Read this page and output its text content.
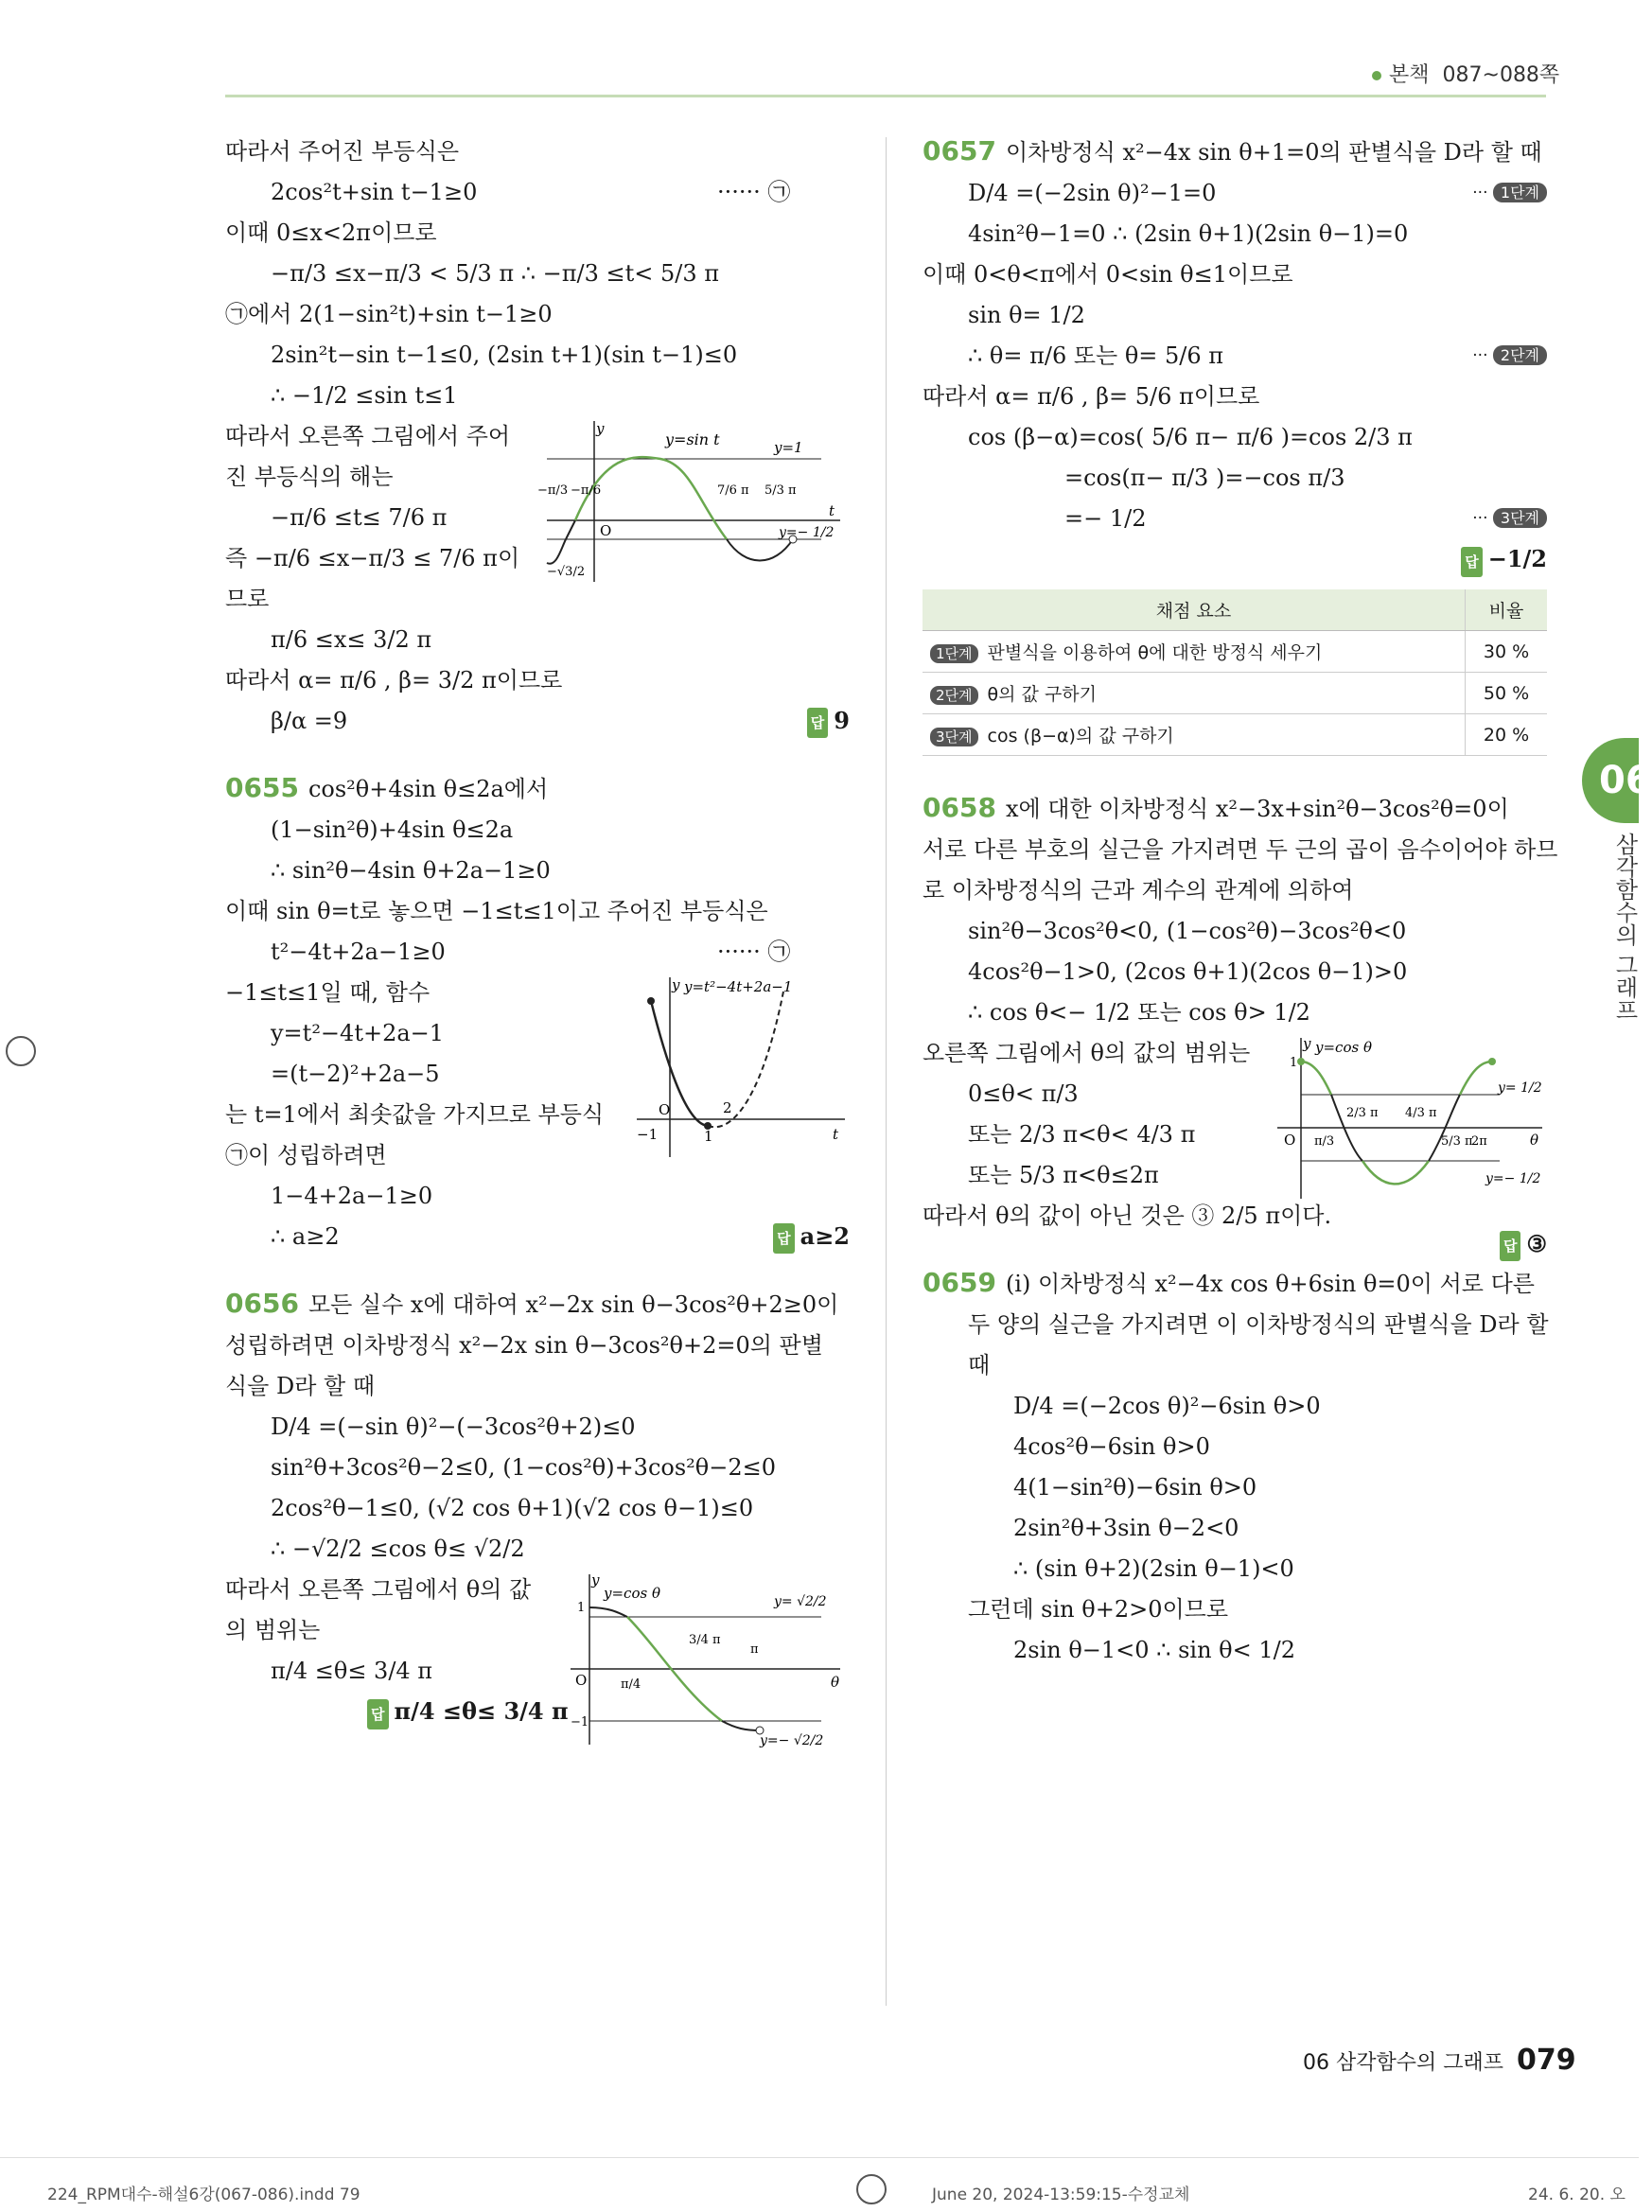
본책 087~088쪽
따라서 주어진 부등식은
2cos²t+sin t−1≥0	······ ㉠
이때 0≤x<2π이므로
−π/3 ≤x−π/3 < 5/3 π ∴ −π/3 ≤t< 5/3 π
㉠에서 2(1−sin²t)+sin t−1≥0
2sin²t−sin t−1≤0, (2sin t+1)(sin t−1)≤0
∴ −1/2 ≤sin t≤1
y
y=sin t	y=1
y=− 1/2
O
t
−π/3 −π/6	7/6 π 5/3 π
−√3/2
따라서 오른쪽 그림에서 주어
진 부등식의 해는
−π/6 ≤t≤ 7/6 π
즉 −π/6 ≤x−π/3 ≤ 7/6 π이
므로
π/6 ≤x≤ 3/2 π
따라서 α= π/6 , β= 3/2 π이므로
β/α =9	답 9
0655 cos²θ+4sin θ≤2a에서
(1−sin²θ)+4sin θ≤2a
∴ sin²θ−4sin θ+2a−1≥0
이때 sin θ=t로 놓으면 −1≤t≤1이고 주어진 부등식은
t²−4t+2a−1≥0	······ ㉠
y y=t²−4t+2a−1
O
t
−1	1
2
−1≤t≤1일 때, 함수
y=t²−4t+2a−1
=(t−2)²+2a−5
는 t=1에서 최솟값을 가지므로 부등식
㉠이 성립하려면
1−4+2a−1≥0
∴ a≥2	답 a≥2
0656 모든 실수 x에 대하여 x²−2x sin θ−3cos²θ+2≥0이
성립하려면 이차방정식 x²−2x sin θ−3cos²θ+2=0의 판별
식을 D라 할 때
D/4 =(−sin θ)²−(−3cos²θ+2)≤0
sin²θ+3cos²θ−2≤0, (1−cos²θ)+3cos²θ−2≤0
2cos²θ−1≤0, (√2 cos θ+1)(√2 cos θ−1)≤0
∴ −√2/2 ≤cos θ≤ √2/2
y
y=cos θ	y= √2/2
y=− √2/2
O	θ
1
−1
π/4
3/4 π
π
따라서 오른쪽 그림에서 θ의 값
의 범위는
π/4 ≤θ≤ 3/4 π
답 π/4 ≤θ≤ 3/4 π
0657 이차방정식 x²−4x sin θ+1=0의 판별식을 D라 할 때
D/4 =(−2sin θ)²−1=0	··· 1단계
4sin²θ−1=0 ∴ (2sin θ+1)(2sin θ−1)=0
이때 0<θ<π에서 0<sin θ≤1이므로
sin θ= 1/2
∴ θ= π/6 또는 θ= 5/6 π	··· 2단계
따라서 α= π/6 , β= 5/6 π이므로
cos (β−α)=cos( 5/6 π− π/6 )=cos 2/3 π
=cos(π− π/3 )=−cos π/3
=− 1/2	··· 3단계
답 −1/2
채점 요소	비율
1단계 판별식을 이용하여 θ에 대한 방정식 세우기	30 %
2단계 θ의 값 구하기	50 %
3단계 cos (β−α)의 값 구하기	20 %
0658 x에 대한 이차방정식 x²−3x+sin²θ−3cos²θ=0이
서로 다른 부호의 실근을 가지려면 두 근의 곱이 음수이어야 하므
로 이차방정식의 근과 계수의 관계에 의하여
sin²θ−3cos²θ<0, (1−cos²θ)−3cos²θ<0
4cos²θ−1>0, (2cos θ+1)(2cos θ−1)>0
∴ cos θ<− 1/2 또는 cos θ> 1/2
y y=cos θ
y= 1/2
y=− 1/2
O	θ
1
π/3
2/3 π 4/3 π
5/3 π
2π
오른쪽 그림에서 θ의 값의 범위는
0≤θ< π/3
또는 2/3 π<θ< 4/3 π
또는 5/3 π<θ≤2π
따라서 θ의 값이 아닌 것은 ③ 2/5 π이다.
답 ③
0659 (i) 이차방정식 x²−4x cos θ+6sin θ=0이 서로 다른
두 양의 실근을 가지려면 이 이차방정식의 판별식을 D라 할
때
D/4 =(−2cos θ)²−6sin θ>0
4cos²θ−6sin θ>0
4(1−sin²θ)−6sin θ>0
2sin²θ+3sin θ−2<0
∴ (sin θ+2)(2sin θ−1)<0
그런데 sin θ+2>0이므로
2sin θ−1<0 ∴ sin θ< 1/2
06
삼각함수의 그래프
06 삼각함수의 그래프 079
224_RPM대수-해설6강(067-086).indd 79	June 20, 2024-13:59:15-수정교체	24. 6. 20. 오
